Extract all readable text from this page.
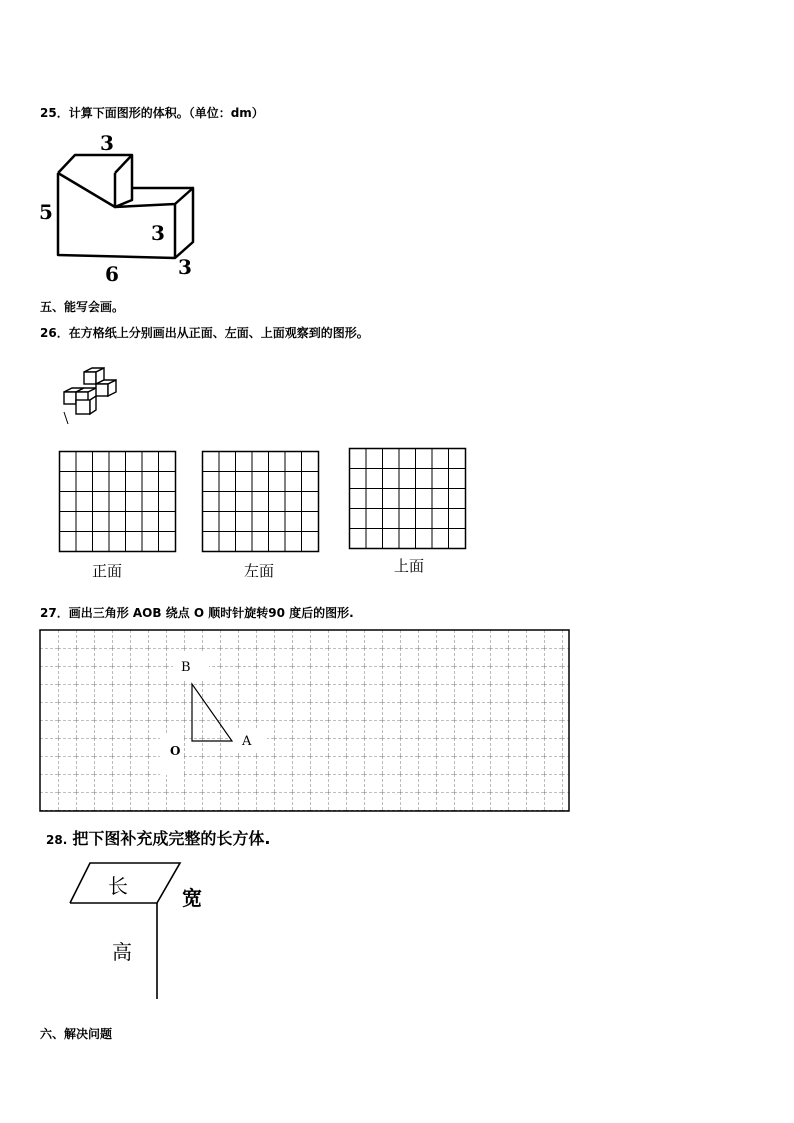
25．计算下面图形的体积。（单位：dm）
3
5
3
3
6
五、能写会画。
26．在方格纸上分别画出从正面、左面、上面观察到的图形。
正面	左面	上面
27．画出三角形 AOB 绕点 O 顺时针旋转90 度后的图形.
B
A
O
28. 把下图补充成完整的长方体.
长	宽
高
六、解决问题
